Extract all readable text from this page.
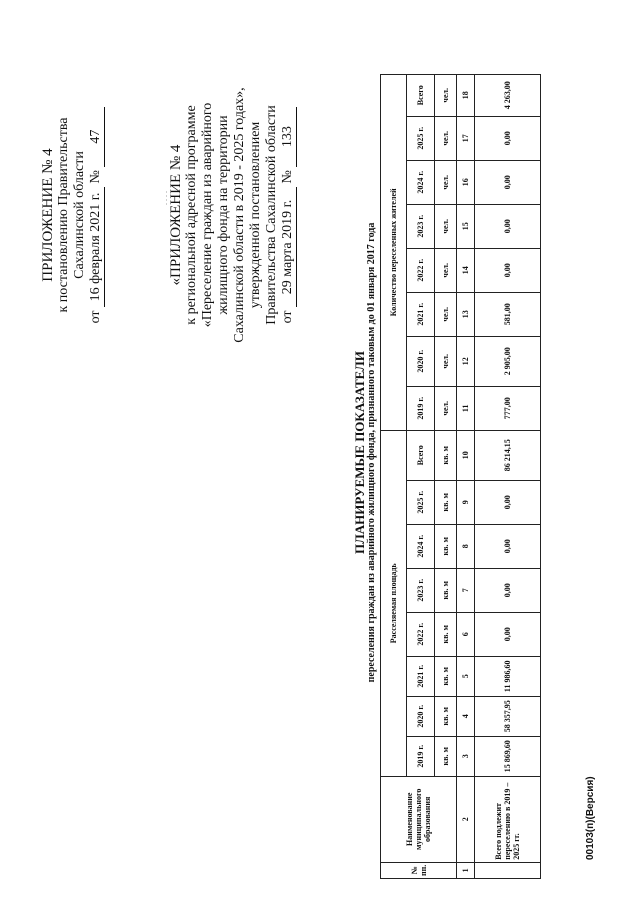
ПРИЛОЖЕНИЕ № 4 к постановлению Правительства Сахалинской области
от 16 февраля 2021 г. № 47
«ПРИЛОЖЕНИЕ № 4 к региональной адресной программе «Переселение граждан из аварийного жилищного фонда на территории Сахалинской области в 2019 - 2025 годах», утвержденной постановлением Правительства Сахалинской области от 29 марта 2019 г. № 133
. . . .
ПЛАНИРУЕМЫЕ ПОКАЗАТЕЛИ переселения граждан из аварийного жилищного фонда, признанного таковым до 01 января 2017 года
№ пп.	Наименование муниципального образования	Расселяемая площадь								Количество переселенных жителей							
		2019 г.	2020 г.	2021 г.	2022 г.	2023 г.	2024 г.	2025 г.	Всего	2019 г.	2020 г.	2021 г.	2022 г.	2023 г.	2024 г.	2025 г.	Всего
		кв. м	кв. м	кв. м	кв. м	кв. м	кв. м	кв. м	кв. м	чел.	чел.	чел.	чел.	чел.	чел.	чел.	чел.
1	2	3	4	5	6	7	8	9	10	11	12	13	14	15	16	17	18
	Всего подлежит переселению в 2019 – 2025 гг.	15 869,60	58 357,95	11 986,60	0,00	0,00	0,00	0,00	86 214,15	777,00	2 905,00	581,00	0,00	0,00	0,00	0,00	4 263,00
00103(п)(Версия)
